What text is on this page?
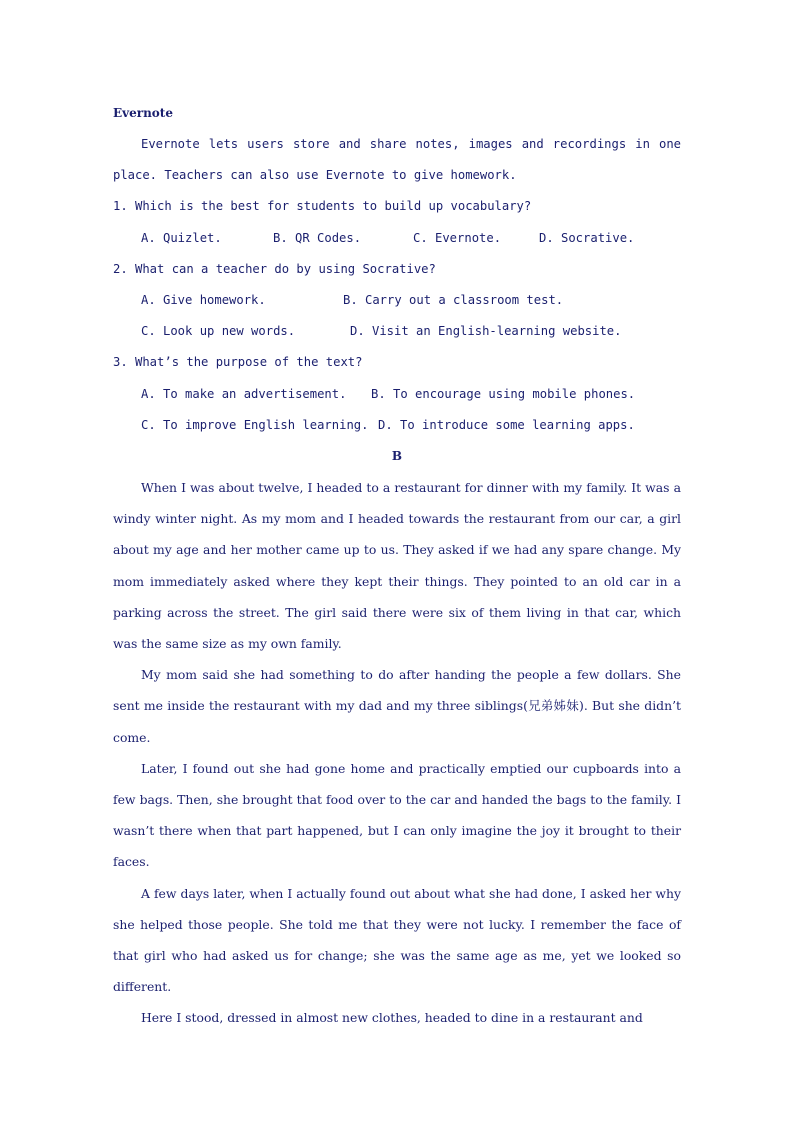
Evernote

Evernote lets users store and share notes, images and recordings in one place. Teachers can also use Evernote to give homework.

1. Which is the best for students to build up vocabulary?

A. Quizlet.	B. QR Codes.	C. Evernote.	D. Socrative.

2. What can a teacher do by using Socrative?

A. Give homework.	B. Carry out a classroom test.
C. Look up new words.	D. Visit an English-learning website.

3. What’s the purpose of the text?

A. To make an advertisement.	B. To encourage using mobile phones.
C. To improve English learning. D. To introduce some learning apps.
B

When I was about twelve, I headed to a restaurant for dinner with my family. It was a windy winter night. As my mom and I headed towards the restaurant from our car, a girl about my age and her mother came up to us. They asked if we had any spare change. My mom immediately asked where they kept their things. They pointed to an old car in a parking across the street. The girl said there were six of them living in that car, which was the same size as my own family.

My mom said she had something to do after handing the people a few dollars. She sent me inside the restaurant with my dad and my three siblings(兄弟姊妹). But she didn’t come.

Later, I found out she had gone home and practically emptied our cupboards into a few bags. Then, she brought that food over to the car and handed the bags to the family. I wasn’t there when that part happened, but I can only imagine the joy it brought to their faces.

A few days later, when I actually found out about what she had done, I asked her why she helped those people. She told me that they were not lucky. I remember the face of that girl who had asked us for change; she was the same age as me, yet we looked so different.

Here I stood, dressed in almost new clothes, headed to dine in a restaurant and
